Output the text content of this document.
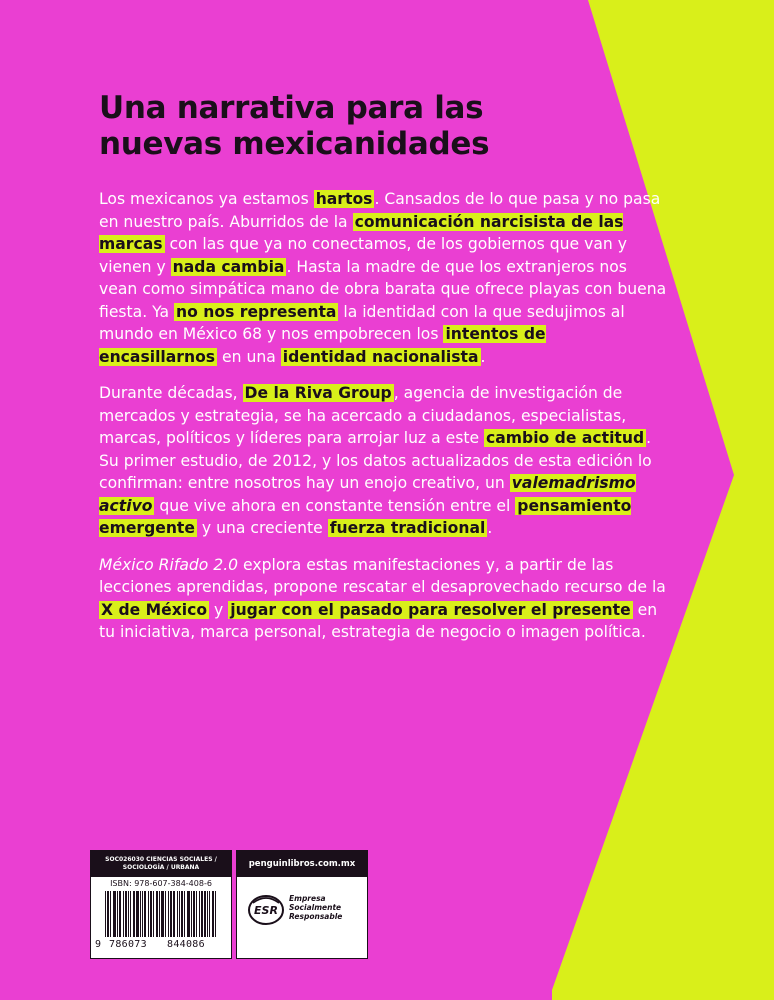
Una narrativa para las
nuevas mexicanidades

Los mexicanos ya estamos hartos . Cansados de lo que pasa y no pasa en nuestro país. Aburridos de la comunicación narcisista de las marcas con las que ya no conectamos, de los gobiernos que van y vienen y nada cambia . Hasta la madre de que los extranjeros nos vean como simpática mano de obra barata que ofrece playas con buena fiesta. Ya no nos representa la identidad con la que sedujimos al mundo en México 68 y nos empobrecen los intentos de encasillarnos en una identidad nacionalista .

Durante décadas, De la Riva Group , agencia de investigación de mercados y estrategia, se ha acercado a ciudadanos, especialistas, marcas, políticos y líderes para arrojar luz a este cambio de actitud . Su primer estudio, de 2012, y los datos actualizados de esta edición lo confirman: entre nosotros hay un enojo creativo, un valemadrismo activo que vive ahora en constante tensión entre el pensamiento emergente y una creciente fuerza tradicional .

México Rifado 2.0 explora estas manifestaciones y, a partir de las lecciones aprendidas, propone rescatar el desaprovechado recurso de la X de México y jugar con el pasado para resolver el presente en tu iniciativa, marca personal, estrategia de negocio o imagen política.

SOC026030 CIENCIAS SOCIALES / SOCIOLOGÍA / URBANA
ISBN: 978-607-384-408-6
9 786073 844086
penguinlibros.com.mx
ESR
Empresa
Socialmente
Responsable
